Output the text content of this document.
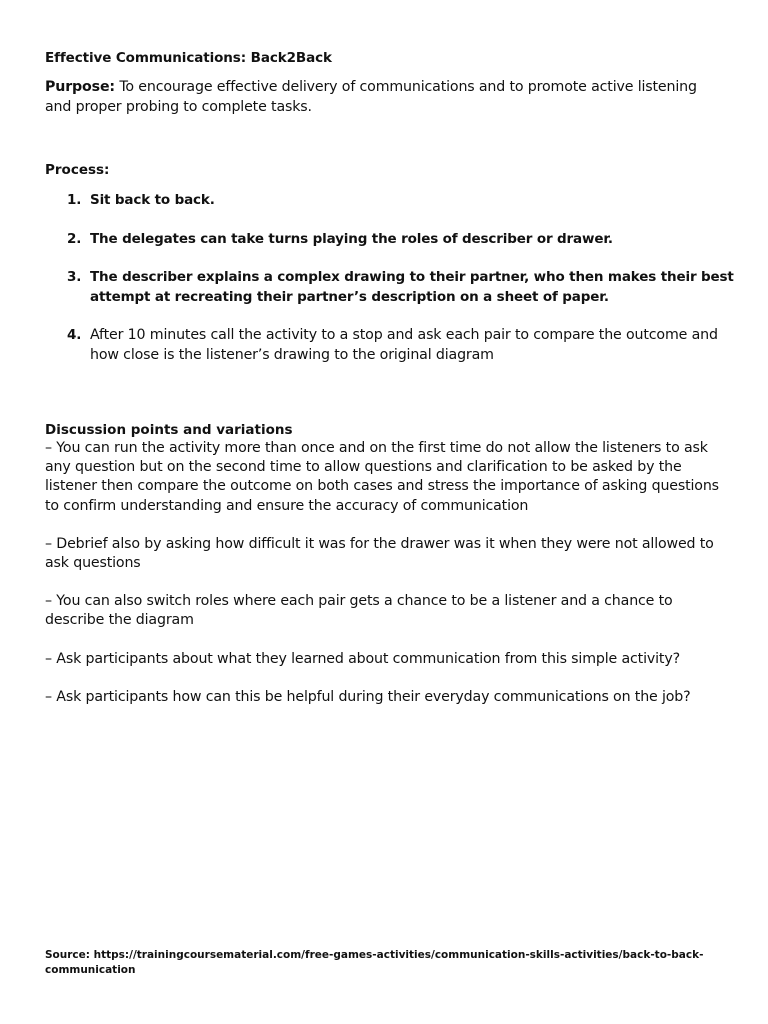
Effective Communications: Back2Back
Purpose: To encourage effective delivery of communications and to promote active listening and proper probing to complete tasks.
Process:
1. Sit back to back.
2. The delegates can take turns playing the roles of describer or drawer.
3. The describer explains a complex drawing to their partner, who then makes their best attempt at recreating their partner’s description on a sheet of paper.
4. After 10 minutes call the activity to a stop and ask each pair to compare the outcome and how close is the listener’s drawing to the original diagram
Discussion points and variations

– You can run the activity more than once and on the first time do not allow the listeners to ask any question but on the second time to allow questions and clarification to be asked by the listener then compare the outcome on both cases and stress the importance of asking questions to confirm understanding and ensure the accuracy of communication

– Debrief also by asking how difficult it was for the drawer was it when they were not allowed to ask questions

– You can also switch roles where each pair gets a chance to be a listener and a chance to describe the diagram

– Ask participants about what they learned about communication from this simple activity?

– Ask participants how can this be helpful during their everyday communications on the job?

Source: https://trainingcoursematerial.com/free-games-activities/communication-skills-activities/back-to-back-communication
